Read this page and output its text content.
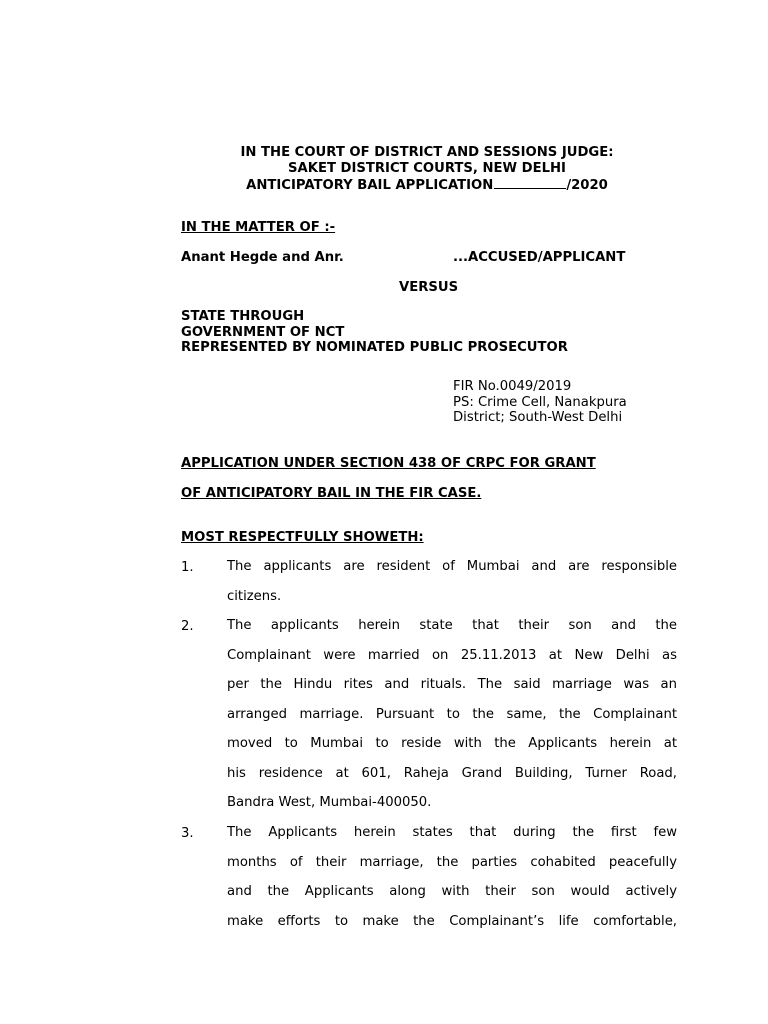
IN THE COURT OF DISTRICT AND SESSIONS JUDGE:
SAKET DISTRICT COURTS, NEW DELHI
ANTICIPATORY BAIL APPLICATION	/2020
IN THE MATTER OF :-
Anant Hegde and Anr.	...ACCUSED/APPLICANT
VERSUS
STATE THROUGH
GOVERNMENT OF NCT
REPRESENTED BY NOMINATED PUBLIC PROSECUTOR
FIR No.0049/2019
PS: Crime Cell, Nanakpura
District; South-West Delhi
APPLICATION UNDER SECTION 438 OF CRPC FOR GRANT
OF ANTICIPATORY BAIL IN THE FIR CASE.
MOST RESPECTFULLY SHOWETH:
1.	The applicants are resident of Mumbai and are responsible
citizens.
2.	The applicants herein state that their son and the
Complainant were married on 25.11.2013 at New Delhi as
per the Hindu rites and rituals. The said marriage was an
arranged marriage. Pursuant to the same, the Complainant
moved to Mumbai to reside with the Applicants herein at
his residence at 601, Raheja Grand Building, Turner Road,
Bandra West, Mumbai-400050.
3.	The Applicants herein states that during the first few
months of their marriage, the parties cohabited peacefully
and the Applicants along with their son would actively
make efforts to make the Complainant’s life comfortable,
